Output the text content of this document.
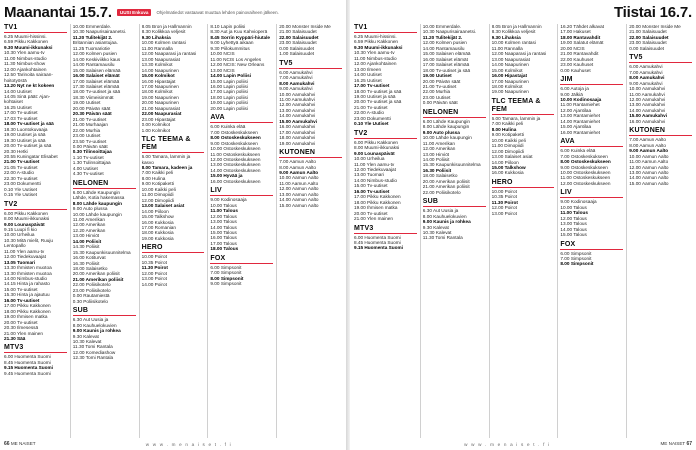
Maanantai 15.7.	UUSI Enkuva	Ohjelmatiedot vastaavat muuttua lehden painovaiheen jälkeen.
TV1
6.25 Muumi-hissinsi.
6.59 Pikku Kakkonen
9.30 Muumi-ikkunaksi
10.30 Ylen aamu-tv
11.00 Nimbus-studio
11.30 Nimbus-show
12.00 Ajankohtainen
12.50 Tarinoita sairaan-
hoitotyöstä
13.20 Nyt ne kt kokeen
14.00 Uutiset
14.05 Sinä päät: Ajan-
kohtaiset
16.25 Uutiset
17.00 Tv-uutiset
17.03 Tv-uutiset
18.00 Tv-uutiset ja sää
18.30 Luontokuvaaja
19.00 Uutiset ja sää
19.30 Uutiset ja sää
20.00 Tv-uutiset ja sää
20.30 Hetki
20.55 Kuningatar Elisabet
21.00 Tv-uutiset
21.05 Tv-uutiset
22.00 A-studio
22.30 Tv-uutiset
23.00 Dokumentti
0.10 Yle Uutiset
0.15 Yle Uutiset
TV2
6.00 Pikku Kakkonen
8.00 Muumi-ikkunaksi
9.00 Lounaspäivät
9.15 Luupi fi kio
10.00 Urheilua
10.30 Mitä mielit, Ruuju
Lentopallo
11.00 Ylen aamu-tv
12.00 Tiedekuvaajat
13.05 Tuomari
13.30 Ihmisten muotoa
13.30 Ihmisten muotoa
14.00 Nimbus-studio
14.15 Hinta ja rahasto
15.00 Tv-uutiset
15.30 Hinta ja ajautuu
16.00 Tv-uutiset
17.00 Pikku Kakkonen
18.00 Pikku Kakkonen
19.00 Ihmisen matka
20.00 Tv-uutiset
20.30 Ilmesessä
21.00 Ylen mainen
21.30 Sää
MTV3
6.00 Huomenta Suomi
8.45 Huomenta Suomi
9.15 Huomenta Suomi
9.45 Huomenta Suomi
10.00 Emmerdale.
10.30 Naapurisairaanetsi.
11.20 Tulitekijät 2.
Britannian asiantujaa.
11.25 Tuomariotie
12.00 Kolmen pusien
14.00 Keskiviikko kaus
14.00 Rantamausilu
15.00 Salaisen elämää
16.00 Salaiset elämät
17.00 Salaiset elämää
17.30 Salaiset elämää
18.00 Tv-uutiset ja sää
18.30 Viimeisimmät
19.00 Uutiset
20.00 Päivän säät
20.30 Päivän säät
21.00 Tv-uutiset
21.00 Murhaajan
22.00 Murhia
23.00 Uutiset
23.50 Tv-uutiset
0.00 Päivän säät
0.30 Tilinsoittajaa
1.10 Tv-uutiset
1.30 Tulinsoittajaa
4.00 Uutiset
4.30 Tv-uutiset
NELONEN
6.00 Lähde Kaupungin
Lähde, Kotia hakemassa
8.00 Lähde kaupungin
9.00 Auto plussa
10.00 Lähde kaupungin
11.00 Amerikan
12.00 Amerikan
12.20 Amerikan
13.00 Hirviöt
14.00 Poliisit
14.30 Poliisit
15.30 Kaupunkisuunnitelma
16.00 Kotiturvat
16.30 Poliisit
18.00 Salaisetko
20.00 Amerikan poliisit
21.00 Amerikan poliisit
22.00 Poliisikotelo
23.00 Poliisikotelo
0.00 Rautamiestä
0.30 Poliisikotelo
SUB
6.30 Aut Uusia ja
8.00 Kauhuelokuvien
9.00 Kaunis ja rohkea
9.30 Kalevat
10.30 Kalevat
11.30 Tomi Rantala
12.00 Komediashow
12.30 Tomi Rantala
8.05 Bron ja Hallmannin
8.30 Kolikkoa veljesit
9.30 Lihaksia
10.00 Kolmen rantasi
11.00 Rannalla
12.00 Naaparasi ja rantasi
13.00 Naapurasiat
13.30 Kolmikot
14.00 Naapurinen
15.00 Kolmikot
16.00 Hipastajat
17.00 Naapurinen
18.00 Kolmikot
19.00 Naapurinen
20.00 Naapurinen
21.00 Naapurasiat
22.00 Naapurasiat
23.00 Hipastajat
0.00 Kolmikot
1.00 Kolmikot
TLC TEEMA & FEM
6.00 Tamara, lammin ja
kasvo
8.00 Tamara, kadeen ja
7.00 Kaikki peli
8.00 Hulina
9.00 Kotipaketti
10.00 Kaikki peli
11.00 Dimopiidi
12.00 Dimopiidi
13.00 Salaiset asiat
14.00 Piiloon
15.00 Talkshow
16.00 Kukkosia
17.00 Romanian
18.00 Kukkosia
19.00 Kukkosia
HERO
10.00 Poirot
10.35 Poirot
11.30 Poirot
12.00 Poirot
13.00 Poirot
14.00 Poirot
8.10 Lapin poliisi
8.30 Aut ja Kuu Kahvioperä
8.45 Sorrin Kyppäri-hiutale
9.00 Lyhettyä aikaan
9.30 Piilokummitus
10.00 NCIS
11.00 NCIS Los Angeles
12.00 NCIS: New Orleans
13.00 NCIS
14.00 Lapin Poliisi
15.00 Lapin poliisi
16.00 Lapin poliisi
17.00 Lapin poliisi
18.00 Lapin poliisi
19.00 Lapin poliisi
20.00 Lapin poliisi
AVA
6.00 Kuinka elää
7.00 Ostoskeskukseen
8.00 Ostoskeskukseen
9.00 Ostoskeskukseen
10.00 Ostoskeskukseen
11.00 Ostoskeskukseen
12.00 Ostoskeskukseen
13.00 Ostoskeskukseen
14.00 Ostoskeskukseen
15.00 Hyvää ja
16.00 Ostoskeskukseen
LIV
9.00 Kodinosaaja
10.00 Talous
11.00 Talous
12.00 Talous
13.00 Talous
14.00 Talous
15.00 Talous
16.00 Talous
17.00 Talous
18.00 Talous
FOX
6.00 Simpsonit
7.00 Simpsonit
8.00 Simpsonit
9.00 Simpsonit
20.00 Monster Inside Me
21.00 Salaisuudet
22.00 Salaisuudet
23.00 Salaisuudet
0.00 Salaisuudet
1.00 Salaisuudet
TV5
6.00 Aamukahvi
7.00 Aamukahvi
8.00 Aamukahvi
9.00 Aamukahvi
10.00 Aamukahvi
11.00 Aamukahvi
12.00 Aamukahvi
13.00 Aamukahvi
14.00 Aamukahvi
15.00 Aamukahvi
16.00 Aamukahvi
17.00 Aamukahvi
18.00 Aamukahvi
19.00 Aamukahvi
KUTONEN
7.00 Aamun Aalto
8.00 Aamun Aalto
9.00 Aamun Aalto
10.00 Aamun Aalto
11.00 Aamun Aalto
12.00 Aamun Aalto
13.00 Aamun Aalto
14.00 Aamun Aalto
15.00 Aamun Aalto
66 ME NAISET	w w w . m e n a i s e t . f i
Tiistai 16.7.
TV1
6.25 Muumi-hissinsi.
6.59 Pikku Kakkonen
9.30 Muumi-ikkunaksi
10.30 Ylen aamu-tv
11.00 Nimbus-studio
12.00 Ajankohtainen
13.00 Ilmeen
14.00 Uutiset
16.25 Uutiset
17.00 Tv-uutiset
18.00 Tv-uutiset ja sää
19.00 Uutiset ja sää
20.00 Tv-uutiset ja sää
21.00 Tv-uutiset
22.00 A-studio
23.00 Dokumentti
0.10 Yle Uutiset
TV2
6.00 Pikku Kakkonen
8.00 Muumi-ikkunaksi
9.00 Lounaspäivät
10.00 Urheilua
11.00 Ylen aamu-tv
12.00 Tiedekuvaajat
13.00 Tuomari
14.00 Nimbus-studio
15.00 Tv-uutiset
16.00 Tv-uutiset
17.00 Pikku Kakkonen
18.00 Pikku Kakkonen
19.00 Ihmisen matka
20.00 Tv-uutiset
21.00 Ylen mainen
MTV3
6.00 Huomenta Suomi
8.45 Huomenta Suomi
9.15 Huomenta Suomi
10.00 Emmerdale.
10.30 Naapurisairaanetsi.
11.20 Tulitekijät 2.
12.00 Kolmen pusien
14.00 Rantamausilu
15.00 Salaisen elämää
16.00 Salaiset elämät
17.00 Salaiset elämää
18.00 Tv-uutiset ja sää
19.00 Uutiset
20.00 Päivän säät
21.00 Tv-uutiset
22.00 Murhia
23.00 Uutiset
0.00 Päivän säät
NELONEN
6.00 Lähde Kaupungin
8.00 Lähde kaupungin
9.00 Auto plussa
10.00 Lähde kaupungin
11.00 Amerikan
12.00 Amerikan
13.00 Hirviöt
14.00 Poliisit
15.30 Kaupunkisuunnitelma
16.30 Poliisit
18.00 Salaisetko
20.00 Amerikan poliisit
21.00 Amerikan poliisit
22.00 Poliisikotelo
SUB
6.30 Aut Uusia ja
8.00 Kauhuelokuvien
9.00 Kaunis ja rohkea
9.30 Kalevat
10.30 Kalevat
11.30 Tomi Rantala
8.05 Bron ja Hallmannin
8.30 Kolikkoa veljesit
9.30 Lihaksia
10.00 Kolmen rantasi
11.00 Rannalla
12.00 Naaparasi ja rantasi
13.00 Naapurasiat
14.00 Naapurinen
15.00 Kolmikot
16.00 Hipastajat
17.00 Naapurinen
18.00 Kolmikot
19.00 Naapurinen
TLC TEEMA & FEM
6.00 Tamara, lammin ja
7.00 Kaikki peli
8.00 Hulina
9.00 Kotipaketti
10.00 Kaikki peli
11.00 Dimopiidi
12.00 Dimopiidi
13.00 Salaiset asiat
14.00 Piiloon
15.00 Talkshow
16.00 Kukkosia
HERO
10.00 Poirot
10.35 Poirot
11.30 Poirot
12.00 Poirot
13.00 Poirot
16.20 Tähdet alkavat
17.00 Hakuset
18.00 Rantavahdit
19.00 Salatut elämät
20.00 NCIS
21.00 Rantavahdit
22.00 Kauhuset
23.00 Kauhuset
0.00 Kauhuset
JIM
6.00 Autoja ja
9.00 Jälkiä
10.00 Kodinosaaja
11.00 Rantamiehet
12.00 Ajantilaa
13.00 Rantamiehet
14.00 Rantamiehet
15.00 Ajantilaa
16.00 Rantamiehet
AVA
6.00 Kuinka elää
7.00 Ostoskeskukseen
8.00 Ostoskeskukseen
9.00 Ostoskeskukseen
10.00 Ostoskeskukseen
11.00 Ostoskeskukseen
12.00 Ostoskeskukseen
LIV
9.00 Kodinosaaja
10.00 Talous
11.00 Talous
12.00 Talous
13.00 Talous
14.00 Talous
15.00 Talous
FOX
6.00 Simpsonit
7.00 Simpsonit
8.00 Simpsonit
20.00 Monster Inside Me
21.00 Salaisuudet
22.00 Salaisuudet
23.00 Salaisuudet
0.00 Salaisuudet
TV5
6.00 Aamukahvi
7.00 Aamukahvi
8.00 Aamukahvi
9.00 Aamukahvi
10.00 Aamukahvi
11.00 Aamukahvi
12.00 Aamukahvi
13.00 Aamukahvi
14.00 Aamukahvi
15.00 Aamukahvi
16.00 Aamukahvi
KUTONEN
7.00 Aamun Aalto
8.00 Aamun Aalto
9.00 Aamun Aalto
10.00 Aamun Aalto
11.00 Aamun Aalto
12.00 Aamun Aalto
13.00 Aamun Aalto
14.00 Aamun Aalto
15.00 Aamun Aalto
w w w . m e n a i s e t . f i	ME NAISET 67
